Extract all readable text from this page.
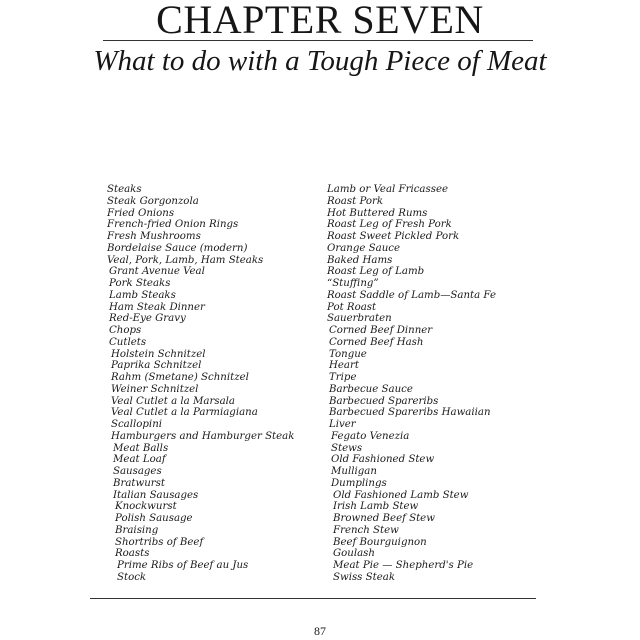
CHAPTER SEVEN
What to do with a Tough Piece of Meat
Steaks
Steak Gorgonzola
Fried Onions
French-fried Onion Rings
Fresh Mushrooms
Bordelaise Sauce (modern)
Veal, Pork, Lamb, Ham Steaks
Grant Avenue Veal
Pork Steaks
Lamb Steaks
Ham Steak Dinner
Red-Eye Gravy
Chops
Cutlets
Holstein Schnitzel
Paprika Schnitzel
Rahm (Smetane) Schnitzel
Weiner Schnitzel
Veal Cutlet a la Marsala
Veal Cutlet a la Parmiagiana
Scallopini
Hamburgers and Hamburger Steak
Meat Balls
Meat Loaf
Sausages
Bratwurst
Italian Sausages
Knockwurst
Polish Sausage
Braising
Shortribs of Beef
Roasts
Prime Ribs of Beef au Jus
Stock
Lamb or Veal Fricassee
Roast Pork
Hot Buttered Rums
Roast Leg of Fresh Pork
Roast Sweet Pickled Pork
Orange Sauce
Baked Hams
Roast Leg of Lamb
“Stuffing”
Roast Saddle of Lamb—Santa Fe
Pot Roast
Sauerbraten
Corned Beef Dinner
Corned Beef Hash
Tongue
Heart
Tripe
Barbecue Sauce
Barbecued Spareribs
Barbecued Spareribs Hawaiian
Liver
Fegato Venezia
Stews
Old Fashioned Stew
Mulligan
Dumplings
Old Fashioned Lamb Stew
Irish Lamb Stew
Browned Beef Stew
French Stew
Beef Bourguignon
Goulash
Meat Pie — Shepherd's Pie
Swiss Steak
87
